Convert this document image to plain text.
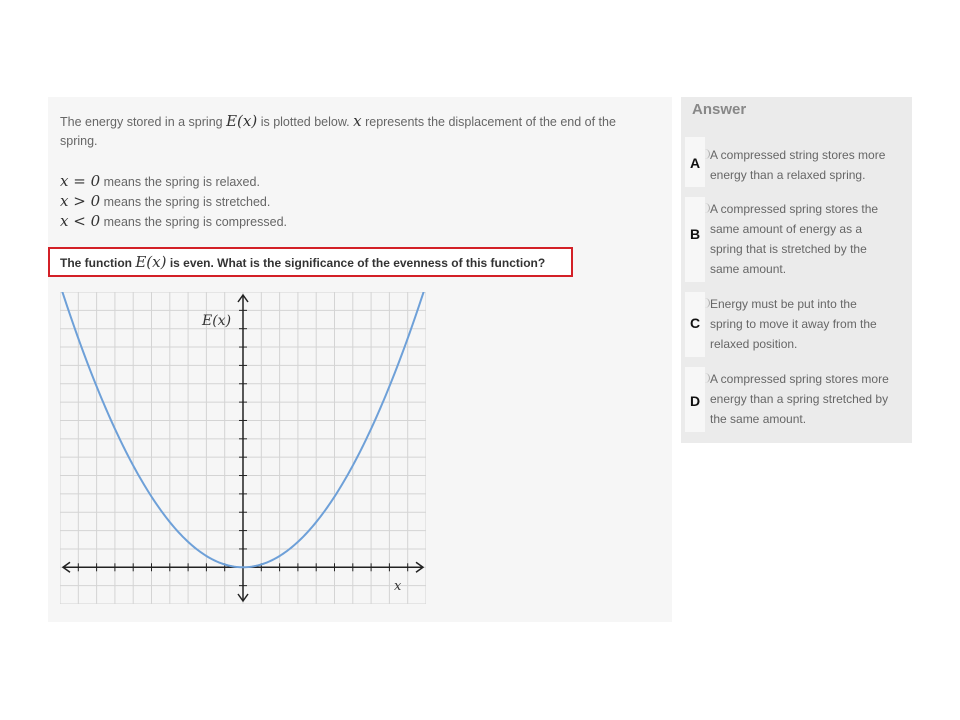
The energy stored in a spring E(x) is plotted below. x represents the displacement of the end of the
spring.
x = 0 means the spring is relaxed.
x > 0 means the spring is stretched.
x < 0 means the spring is compressed.
The function E(x) is even. What is the significance of the evenness of this function?
E(x)
x
Answer
A compressed string stores more
energy than a relaxed spring.
A compressed spring stores the
same amount of energy as a
spring that is stretched by the
same amount.
Energy must be put into the
spring to move it away from the
relaxed position.
A compressed spring stores more
energy than a spring stretched by
the same amount.
A
B
C
D
